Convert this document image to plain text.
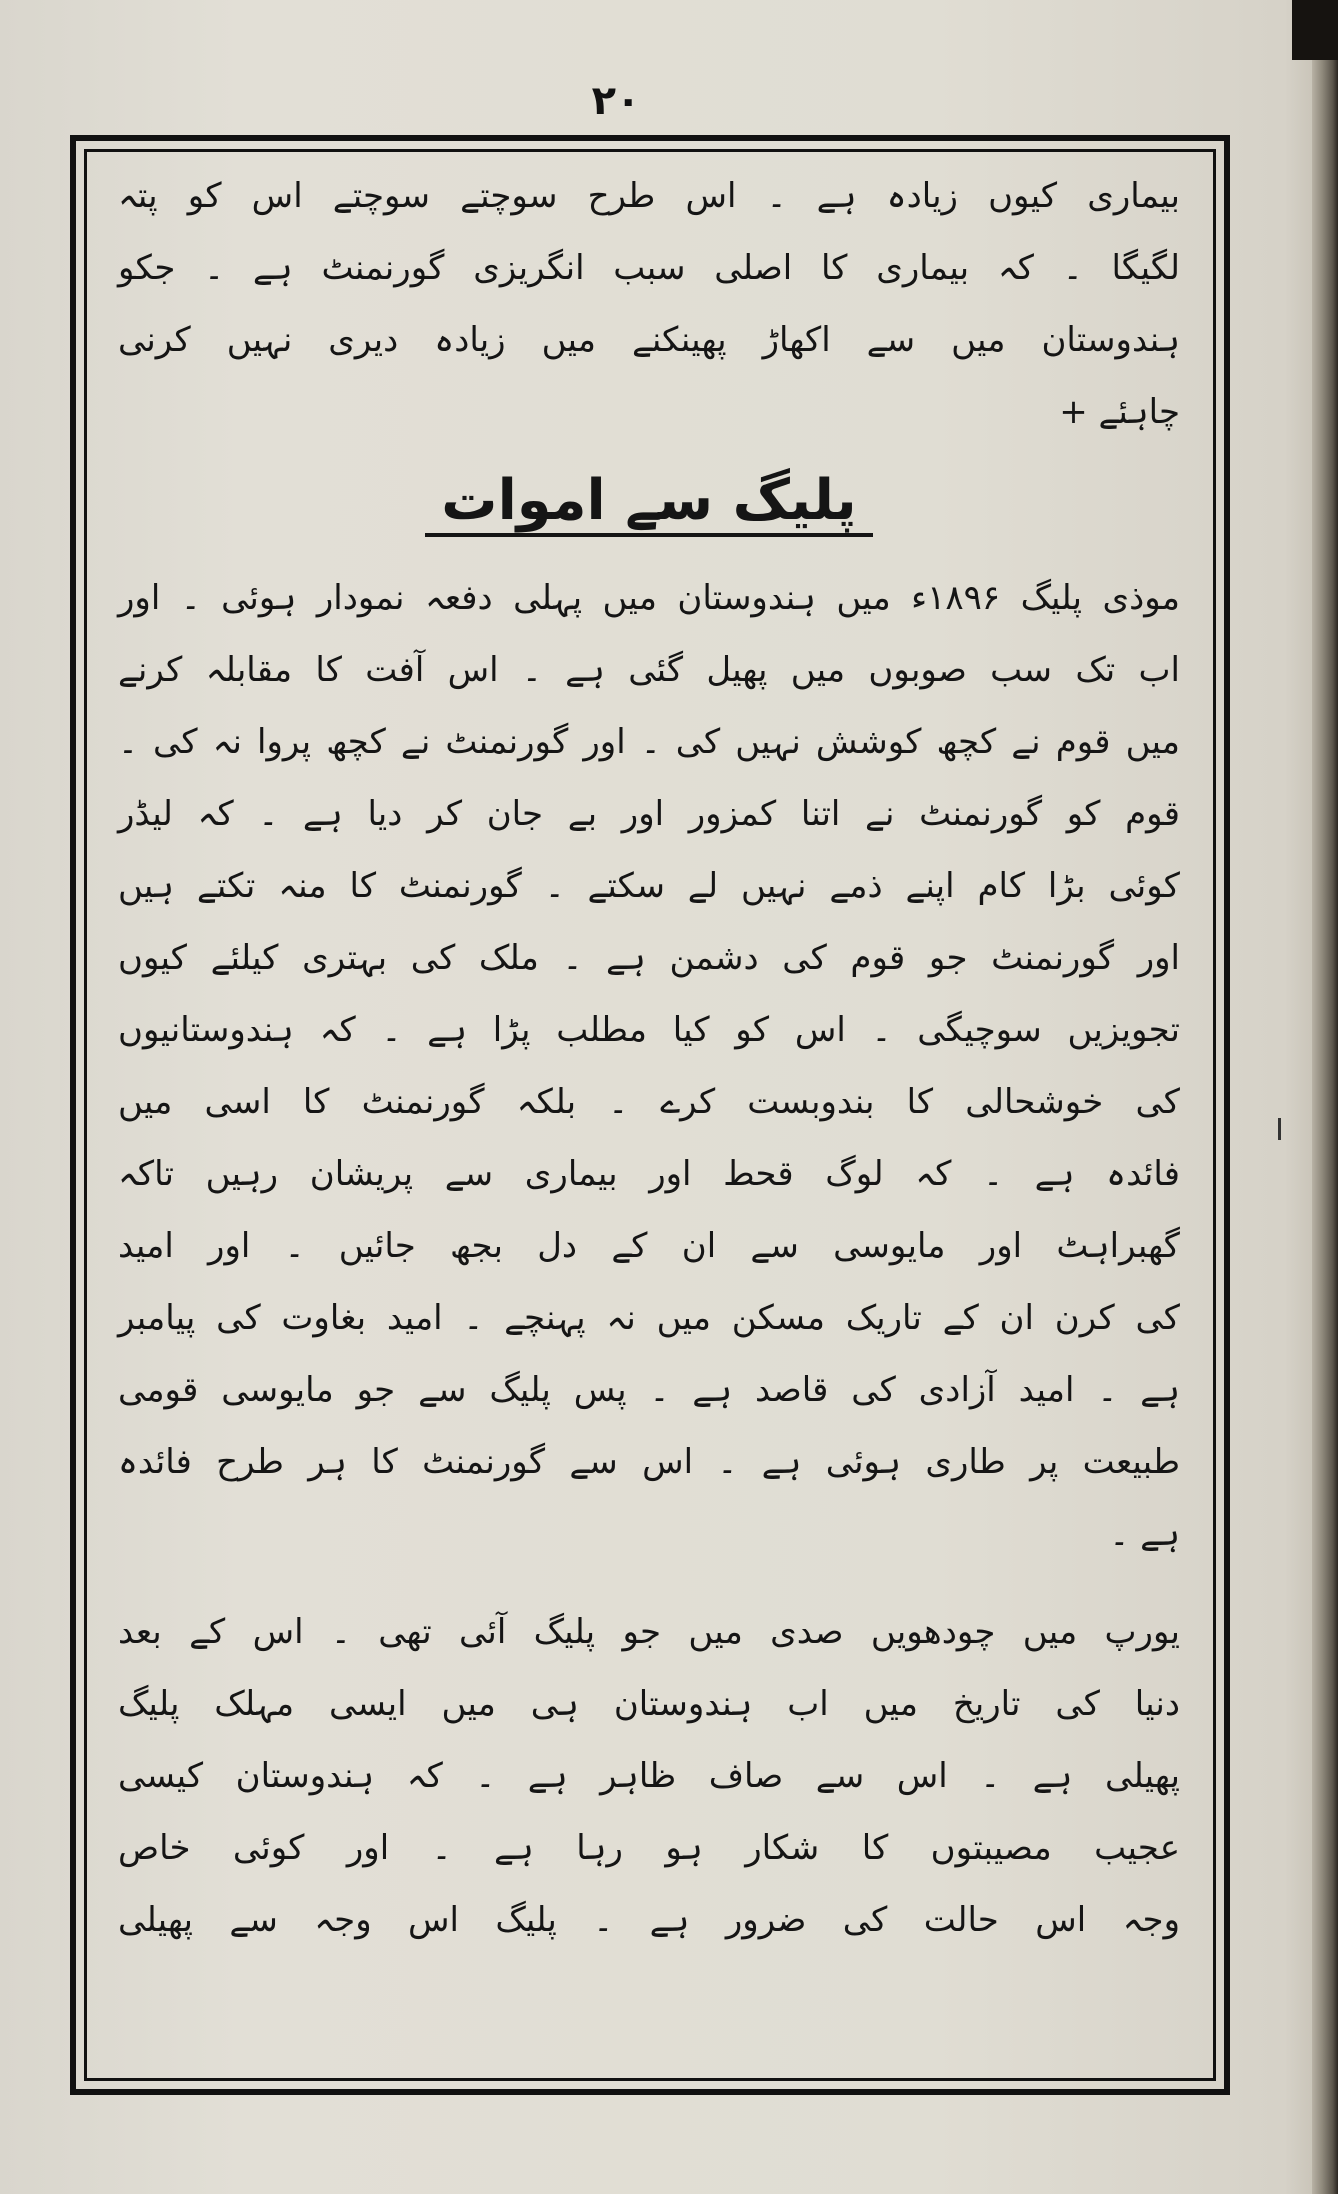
۲۰
بیماری کیوں زیادہ ہے ۔ اس طرح سوچتے سوچتے اس کو پتہ
لگیگا ۔ کہ بیماری کا اصلی سبب انگریزی گورنمنٹ ہے ۔ جکو
ہندوستان میں سے اکھاڑ پھینکنے میں زیادہ دیری نہیں کرنی
چاہئے +
پلیگ سے اموات
موذی پلیگ ۱۸۹۶ء میں ہندوستان میں پہلی دفعہ نمودار ہوئی ۔ اور
اب تک سب صوبوں میں پھیل گئی ہے ۔ اس آفت کا مقابلہ کرنے
میں قوم نے کچھ کوشش نہیں کی ۔ اور گورنمنٹ نے کچھ پروا نہ کی ۔
قوم کو گورنمنٹ نے اتنا کمزور اور بے جان کر دیا ہے ۔ کہ لیڈر
کوئی بڑا کام اپنے ذمے نہیں لے سکتے ۔ گورنمنٹ کا منہ تکتے ہیں
اور گورنمنٹ جو قوم کی دشمن ہے ۔ ملک کی بہتری کیلئے کیوں
تجویزیں سوچیگی ۔ اس کو کیا مطلب پڑا ہے ۔ کہ ہندوستانیوں
کی خوشحالی کا بندوبست کرے ۔ بلکہ گورنمنٹ کا اسی میں
فائدہ ہے ۔ کہ لوگ قحط اور بیماری سے پریشان رہیں تاکہ
گھبراہٹ اور مایوسی سے ان کے دل بجھ جائیں ۔ اور امید
کی کرن ان کے تاریک مسکن میں نہ پہنچے ۔ امید بغاوت کی پیامبر
ہے ۔ امید آزادی کی قاصد ہے ۔ پس پلیگ سے جو مایوسی قومی
طبیعت پر طاری ہوئی ہے ۔ اس سے گورنمنٹ کا ہر طرح فائدہ
ہے ۔
یورپ میں چودھویں صدی میں جو پلیگ آئی تھی ۔ اس کے بعد
دنیا کی تاریخ میں اب ہندوستان ہی میں ایسی مہلک پلیگ
پھیلی ہے ۔ اس سے صاف ظاہر ہے ۔ کہ ہندوستان کیسی
عجیب مصیبتوں کا شکار ہو رہا ہے ۔ اور کوئی خاص
وجہ اس حالت کی ضرور ہے ۔ پلیگ اس وجہ سے پھیلی
